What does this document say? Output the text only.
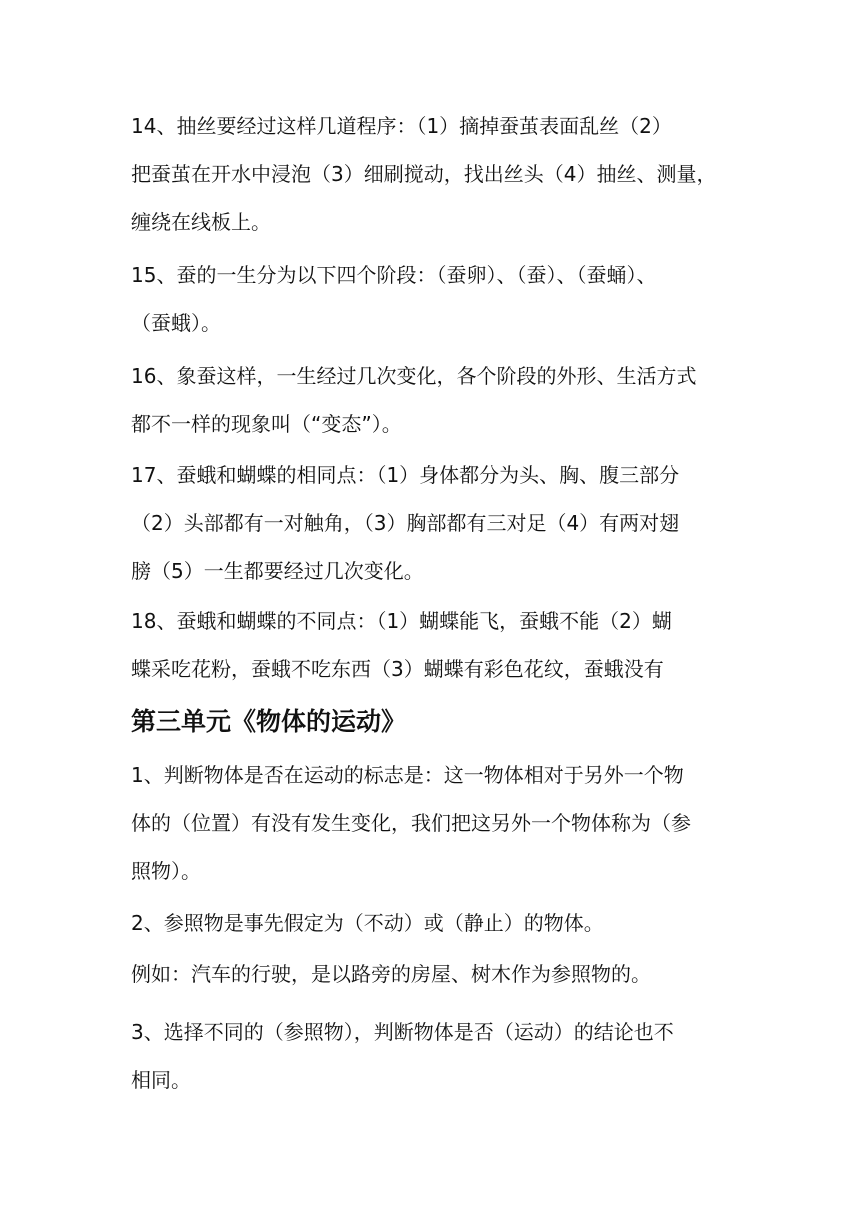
14、抽丝要经过这样几道程序：（1）摘掉蚕茧表面乱丝（2）
把蚕茧在开水中浸泡（3）细刷搅动，找出丝头（4）抽丝、测量，
缠绕在线板上。

15、蚕的一生分为以下四个阶段：（蚕卵）、（蚕）、（蚕蛹）、
（蚕蛾）。

16、象蚕这样，一生经过几次变化，各个阶段的外形、生活方式
都不一样的现象叫（“变态”）。

17、蚕蛾和蝴蝶的相同点：（1）身体都分为头、胸、腹三部分
（2）头部都有一对触角，（3）胸部都有三对足（4）有两对翅
膀（5）一生都要经过几次变化。

18、蚕蛾和蝴蝶的不同点：（1）蝴蝶能飞，蚕蛾不能（2）蝴
蝶采吃花粉，蚕蛾不吃东西（3）蝴蝶有彩色花纹，蚕蛾没有

第三单元《物体的运动》

1、判断物体是否在运动的标志是：这一物体相对于另外一个物
体的（位置）有没有发生变化，我们把这另外一个物体称为（参
照物）。

2、参照物是事先假定为（不动）或（静止）的物体。

例如：汽车的行驶，是以路旁的房屋、树木作为参照物的。

3、选择不同的（参照物），判断物体是否（运动）的结论也不
相同。
